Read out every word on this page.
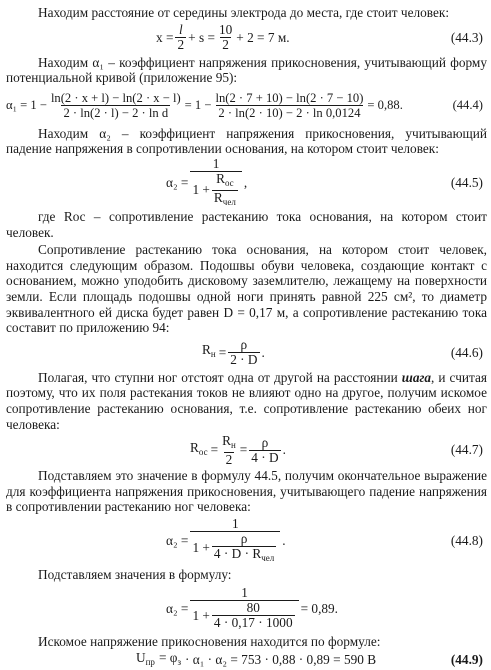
Находим расстояние от середины электрода до места, где стоит человек:

$x = \frac{l}{2} + s = \frac{10}{2} + 2 = 7$ м.	(44.3)

Находим α₁ – коэффициент напряжения прикосновения, учитывающий форму потенциальной кривой (приложение 95):

$\alpha_1 = 1 - \frac{\ln(2 \cdot x + l) - \ln(2 \cdot x - l)}{\text{2 · ln(2 · l) − 2 · ln d}} = 1 - \frac{\ln(2 \cdot 7 + 10) - \ln(2 \cdot 7 - 10)}{2 \cdot \ln(2 \cdot 10) - 2 \cdot \ln 0,0124} = 0,88$.	(44.4)

Находим α₂ – коэффициент напряжения прикосновения, учитывающий падение напряжения в сопротивлении основания, на котором стоит человек:

$\alpha_2 = \frac{1}{1 + \frac{R_{ос}}{R_{чел}}}$ ,	(44.5)

где Rос – сопротивление растеканию тока основания, на котором стоит человек.

Сопротивление растеканию тока основания, на котором стоит человек, находится следующим образом. Подошвы обуви человека, создающие контакт с основанием, можно уподобить дисковому заземлителю, лежащему на поверхности земли. Если площадь подошвы одной ноги принять равной 225 см², то диаметр эквивалентного ей диска будет равен D = 0,17 м, а сопротивление растеканию тока составит по приложению 94:

$R_н = \frac{\rho}{2 \cdot D}$ .	(44.6)

Полагая, что ступни ног отстоят одна от другой на расстоянии шага, и считая поэтому, что их поля растекания токов не влияют одно на другое, получим искомое сопротивление растеканию основания, т.е. сопротивление растеканию обеих ног человека:

$R_{ос} = \frac{R_н}{2} = \frac{\rho}{4 \cdot D}$ .	(44.7)

Подставляем это значение в формулу 44.5, получим окончательное выражение для коэффициента напряжения прикосновения, учитывающего падение напряжения в сопротивлении растеканию ног человека:

$\alpha_2 = \frac{1}{1 + \frac{\rho}{4 \cdot D \cdot R_{чел}}}$ .	(44.8)

Подставляем значения в формулу:

$\alpha_2 = \frac{1}{1 + \frac{80}{4 \cdot 0,17 \cdot 1000}} = 0,89$.

Искомое напряжение прикосновения находится по формуле:

$U_{пр} = \varphi_з \cdot \alpha_1 \cdot \alpha_2 = 753 \cdot 0,88 \cdot 0,89 = 590$ В	(44.9)
